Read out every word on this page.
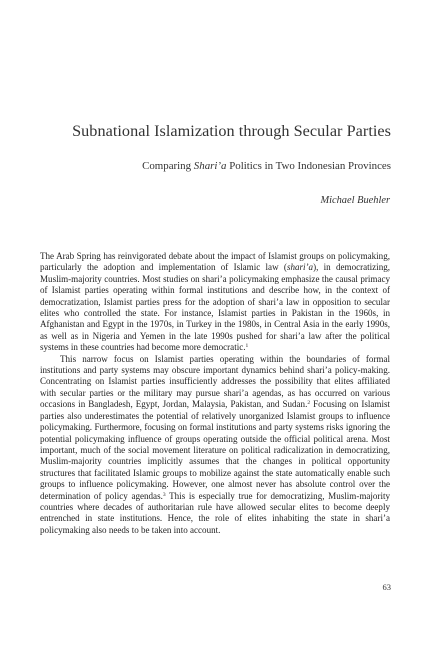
Subnational Islamization through Secular Parties
Comparing Shari’a Politics in Two Indonesian Provinces
Michael Buehler

The Arab Spring has reinvigorated debate about the impact of Islamist groups on policymaking, particularly the adoption and implementation of Islamic law (shari’a), in democratizing, Muslim-majority countries. Most studies on shari’a policymaking emphasize the causal primacy of Islamist parties operating within formal institutions and describe how, in the context of democratization, Islamist parties press for the adoption of shari’a law in opposition to secular elites who controlled the state. For instance, Islamist parties in Pakistan in the 1960s, in Afghanistan and Egypt in the 1970s, in Turkey in the 1980s, in Central Asia in the early 1990s, as well as in Nigeria and Yemen in the late 1990s pushed for shari’a law after the political systems in these countries had become more democratic.$^1$

This narrow focus on Islamist parties operating within the boundaries of formal institutions and party systems may obscure important dynamics behind shari’a policy-making. Concentrating on Islamist parties insufficiently addresses the possibility that elites affiliated with secular parties or the military may pursue shari’a agendas, as has occurred on various occasions in Bangladesh, Egypt, Jordan, Malaysia, Pakistan, and Sudan.$^2$ Focusing on Islamist parties also underestimates the potential of relatively unorganized Islamist groups to influence policymaking. Furthermore, focusing on formal institutions and party systems risks ignoring the potential policymaking influence of groups operating outside the official political arena. Most important, much of the social movement literature on political radicalization in democratizing, Muslim-majority countries implicitly assumes that the changes in political opportunity structures that facilitated Islamic groups to mobilize against the state automatically enable such groups to influence policymaking. However, one almost never has absolute control over the determination of policy agendas.$^3$ This is especially true for democratizing, Muslim-majority countries where decades of authoritarian rule have allowed secular elites to become deeply entrenched in state institutions. Hence, the role of elites inhabiting the state in shari’a policymaking also needs to be taken into account.

63
